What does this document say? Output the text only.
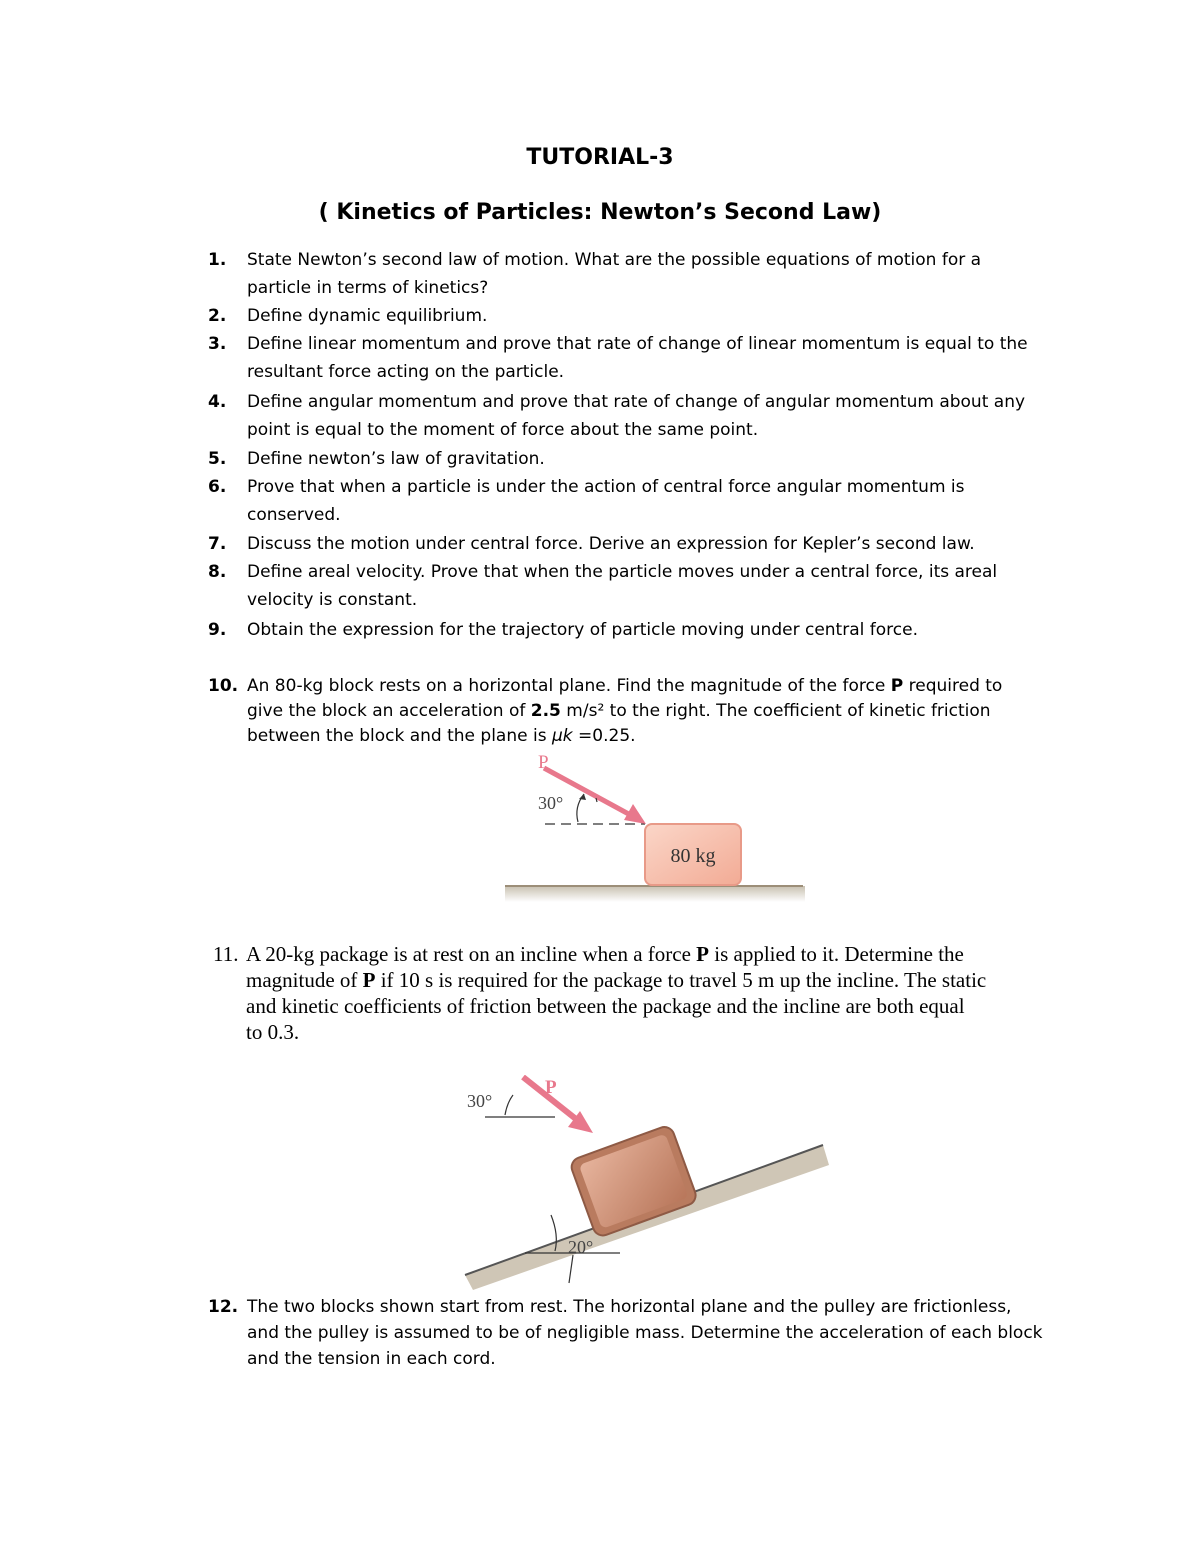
TUTORIAL-3
( Kinetics of Particles: Newton’s Second Law)
1.	State Newton’s second law of motion. What are the possible equations of motion for a
particle in terms of kinetics?
2.	Define dynamic equilibrium.
3.	Define linear momentum and prove that rate of change of linear momentum is equal to the
resultant force acting on the particle.
4.	Define angular momentum and prove that rate of change of angular momentum about any
point is equal to the moment of force about the same point.
5.	Define newton’s law of gravitation.
6.	Prove that when a particle is under the action of central force angular momentum is
conserved.
7.	Discuss the motion under central force. Derive an expression for Kepler’s second law.
8.	Define areal velocity. Prove that when the particle moves under a central force, its areal
velocity is constant.
9.	Obtain the expression for the trajectory of particle moving under central force.
10. An 80-kg block rests on a horizontal plane. Find the magnitude of the force P required to
give the block an acceleration of 2.5 m/s² to the right. The coefficient of kinetic friction
between the block and the plane is μk =0.25.
80 kg
P
30°
11. A 20-kg package is at rest on an incline when a force P is applied to it. Determine the
magnitude of P if 10 s is required for the package to travel 5 m up the incline. The static
and kinetic coefficients of friction between the package and the incline are both equal
to 0.3.
20°
P
30°
12. The two blocks shown start from rest. The horizontal plane and the pulley are frictionless,
and the pulley is assumed to be of negligible mass. Determine the acceleration of each block
and the tension in each cord.
